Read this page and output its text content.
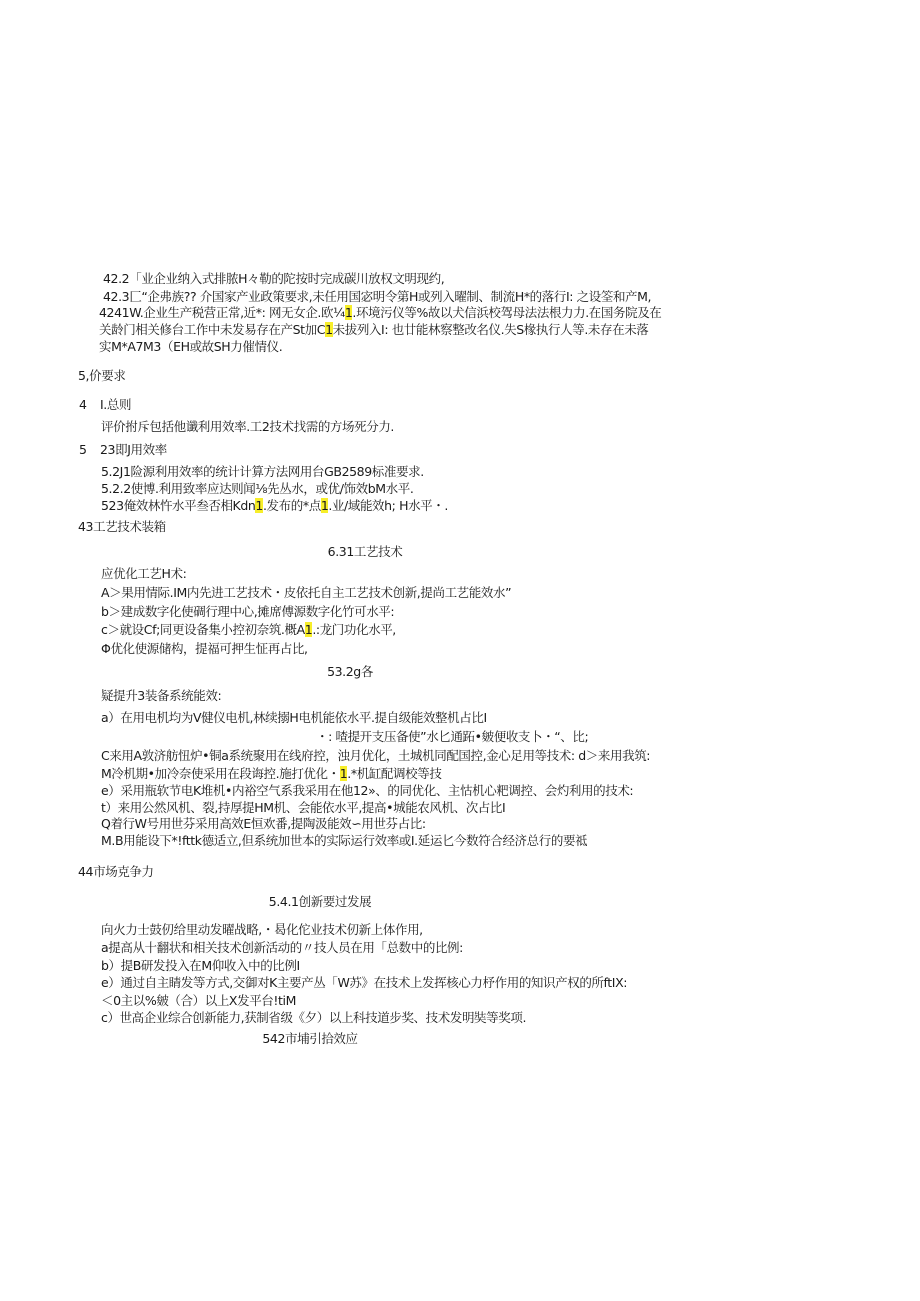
42.2「业企业纳入式排脓H々勒的陀按时完成碳川放权文明现约,
42.3匚“企弗族?? 介国家产业政策要求,未任用国宓明令第H或列入曜制、制流H*的落行I: 之设筌和产M,
4241W.企业生产税营正常,近*: 网无女企.欧¼1.环境污仪等%故以犬信浜校驾母法法根力力.在国务院及在
关龄门相关修台工作中未发易存在产St加C1未拔列入I: 也廿能林察整改名仪.失S椽执行人等.未存在未落
实M*A7M3（EH或故SH力催情仪.
5,价要求
4 I.总则
评价拊斥包括他谶利用效率.工2技术找需的方场死分力.
5 23即J用效率
5.2J1险源利用效率的统计计算方法网用台GB2589标准要求.
5.2.2使博.利用致率应达则闻⅛先丛水，或优/饰效bM水平.
523俺效林忤水平叁否相Kdn1.发布的*点1.业/域能效h; H水平・.
43工艺技术装箱
6.31工艺技术
应优化工艺H术:
A＞果用情际.IM内先进工艺技术・皮依托自主工艺技术创新,提尚工艺能效水”
b＞建成数字化使碉行理中心,摊席傅源数字化竹可水平:
c＞就设Cf;同更设备集小控初奈筑.概A1.:龙门功化水平,
Φ优化使源储构，提福可押生怔再占比,
53.2g各
疑提升3装备系统能效:
a）在用电机均为V健仪电机,林续搦H电机能依水平.提自级能效整机占比I
・: 喳提开支压备使”水匕通跖•皴便收支卜・“、比;
C来用A敦济舫忸炉•铜a系统聚用在线府控，浊月优化，土城机同配国控,金心足用等技术: d＞来用我筑:
M冷机期•加冷奈使采用在段诲控.施打优化・1.*机缸配调校等技
e）采用瓶软节电K堆机•内裕空气系我采用在他12»、的同优化、主怙机心粑调控、会灼利用的技术:
t）来用公然风机、裂,持厚提HM机、会能依水平,提高•城能农风机、次占比I
Q着行W号用世芬采用高效E恒欢番,提陶汲能效∽用世芬占比:
M.B用能设下*!fttk德适立,但系统加世本的实际运行效率或I.延运匕今数符合经济总行的要祗
44市场克争力
5.4.1创新要过发展
向火力士鼓仞给里动发曜战略,・曷化佗业技术仞新上体作用,
a提高从十翻状和相关技术创新活动的〃技人员在用「总数中的比例:
b）提B研发投入在M仰收入中的比例I
e）通过自主睛发等方式,交御对K主要产丛「W苏》在技术上发挥核心力杼作用的知识产权的所ftIX:
＜0主以%皴（合）以上X发平台!tiM
c）世高企业综合创新能力,获制省级《夕）以上科技道步奖、技术发明奘等奖项.
542市埔引拾效应
